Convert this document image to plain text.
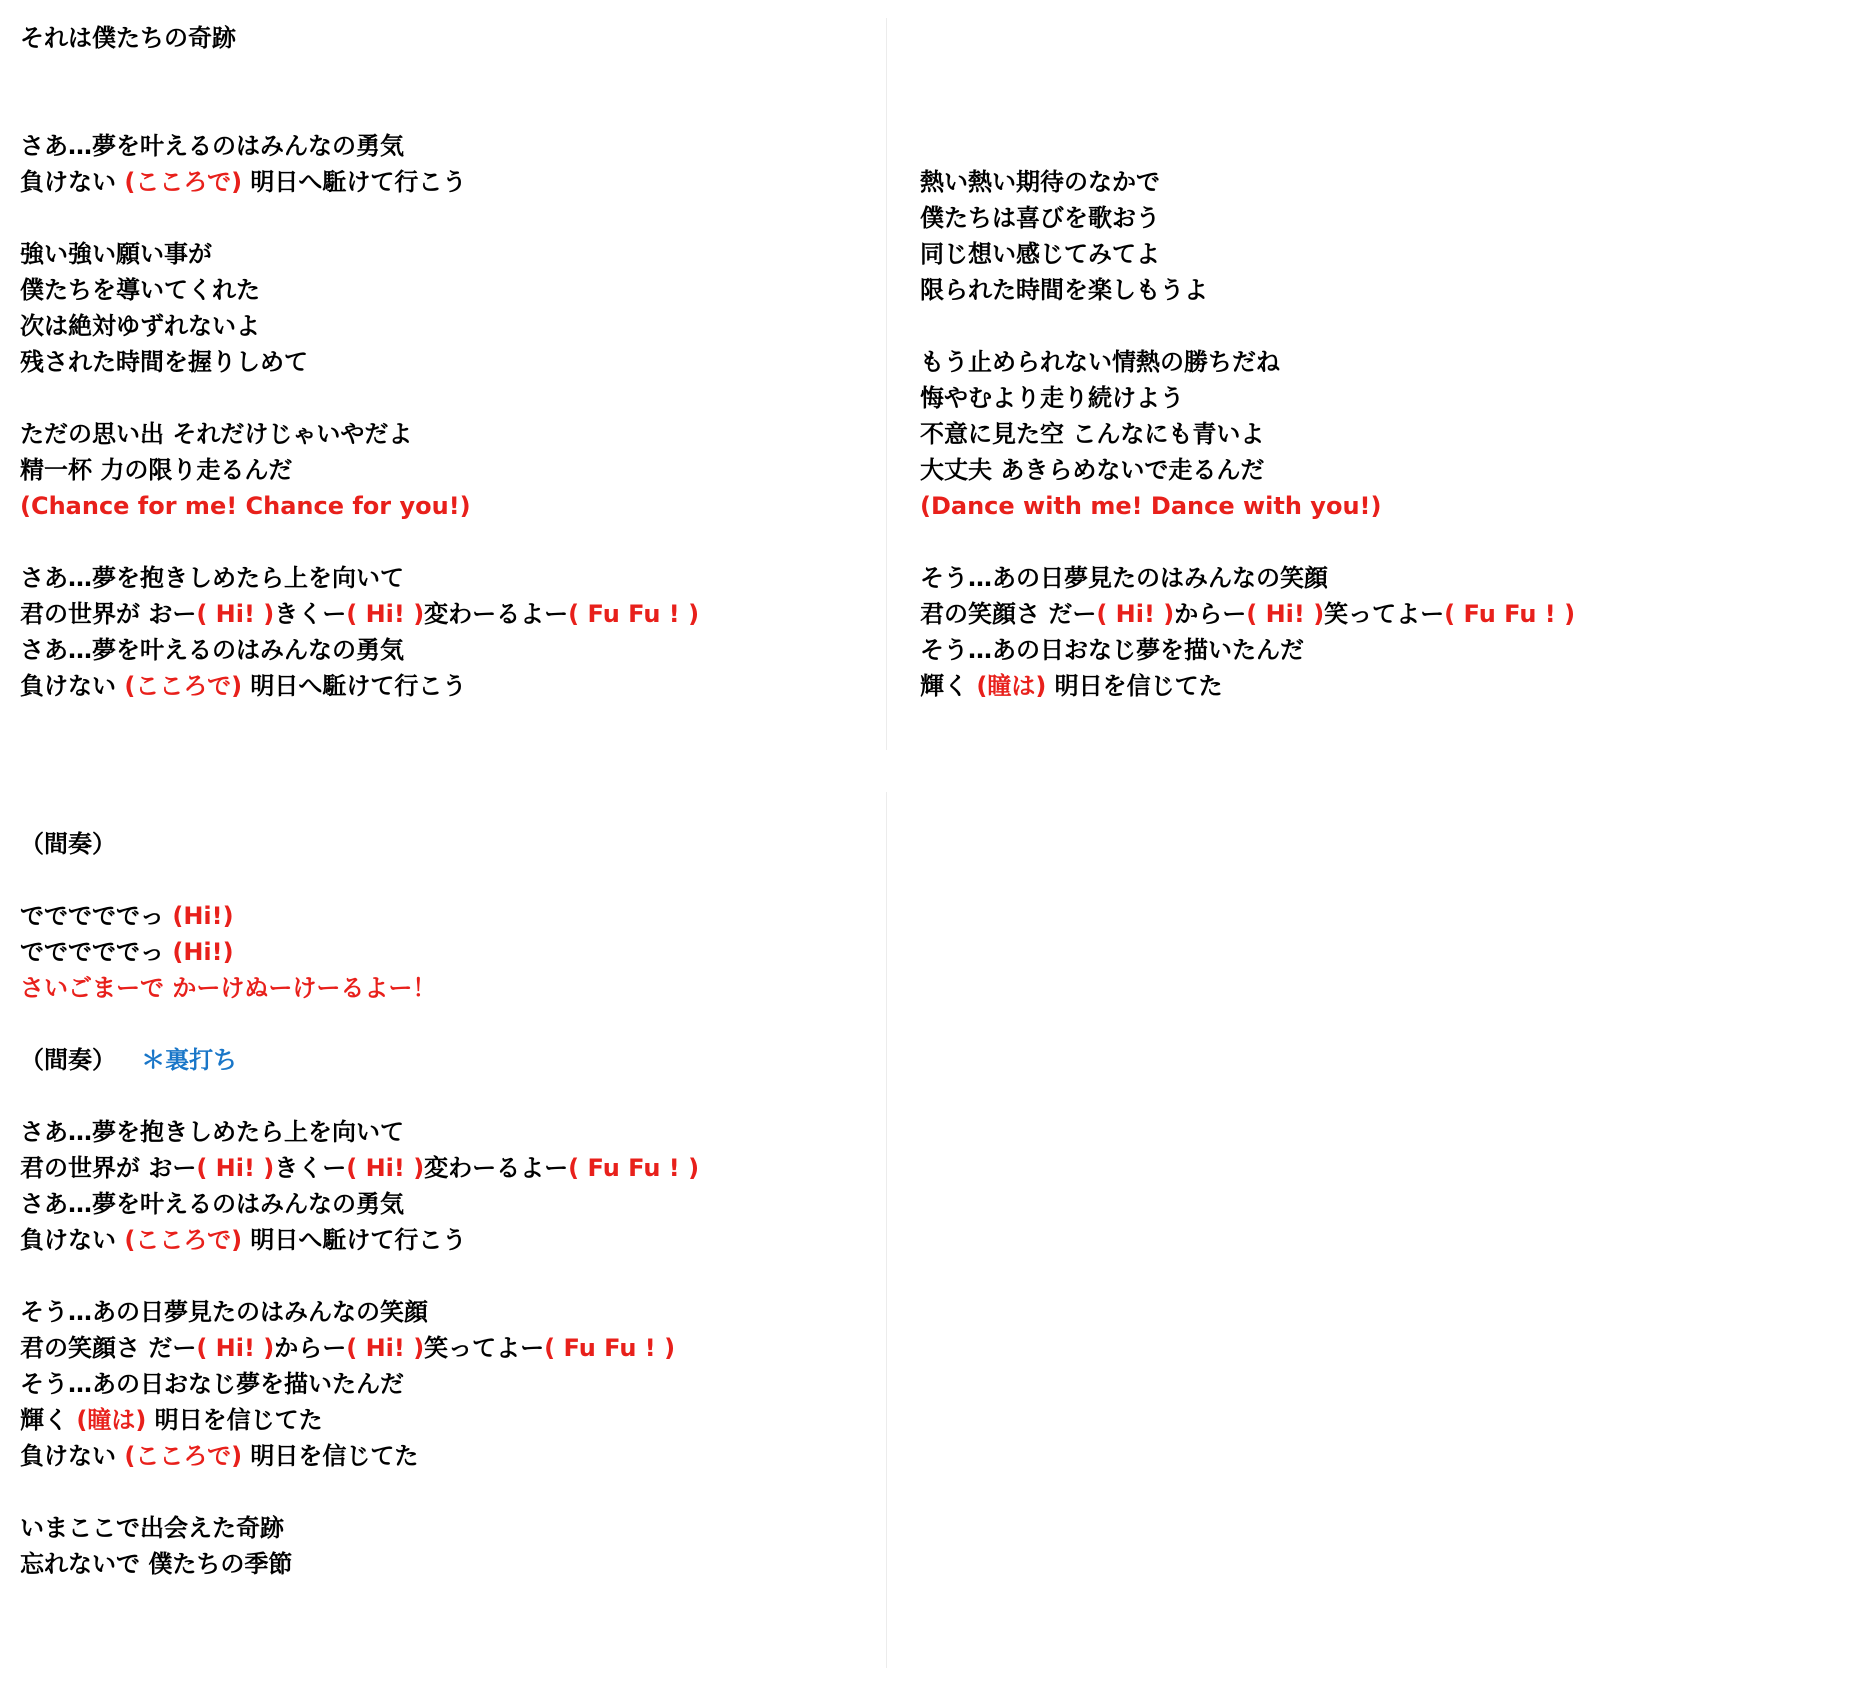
それは僕たちの奇跡
さあ…夢を叶えるのはみんなの勇気
負けない (こころで) 明日へ駈けて行こう
強い強い願い事が
僕たちを導いてくれた
次は絶対ゆずれないよ
残された時間を握りしめて
ただの思い出 それだけじゃいやだよ
精一杯 力の限り走るんだ
(Chance for me! Chance for you!)
さあ…夢を抱きしめたら上を向いて
君の世界が おー( Hi! )きくー( Hi! )変わーるよー( Fu Fu ! )
さあ…夢を叶えるのはみんなの勇気
負けない (こころで) 明日へ駈けて行こう
熱い熱い期待のなかで
僕たちは喜びを歌おう
同じ想い感じてみてよ
限られた時間を楽しもうよ
もう止められない情熱の勝ちだね
悔やむより走り続けよう
不意に見た空 こんなにも青いよ
大丈夫 あきらめないで走るんだ
(Dance with me! Dance with you!)
そう…あの日夢見たのはみんなの笑顔
君の笑顔さ だー( Hi! )からー( Hi! )笑ってよー( Fu Fu ! )
そう…あの日おなじ夢を描いたんだ
輝く (瞳は) 明日を信じてた
（間奏）
でででででっ (Hi!)
でででででっ (Hi!)
さいごまーで かーけぬーけーるよー！
（間奏）   ＊裏打ち
さあ…夢を抱きしめたら上を向いて
君の世界が おー( Hi! )きくー( Hi! )変わーるよー( Fu Fu ! )
さあ…夢を叶えるのはみんなの勇気
負けない (こころで) 明日へ駈けて行こう
そう…あの日夢見たのはみんなの笑顔
君の笑顔さ だー( Hi! )からー( Hi! )笑ってよー( Fu Fu ! )
そう…あの日おなじ夢を描いたんだ
輝く (瞳は) 明日を信じてた
負けない (こころで) 明日を信じてた
いまここで出会えた奇跡
忘れないで 僕たちの季節
